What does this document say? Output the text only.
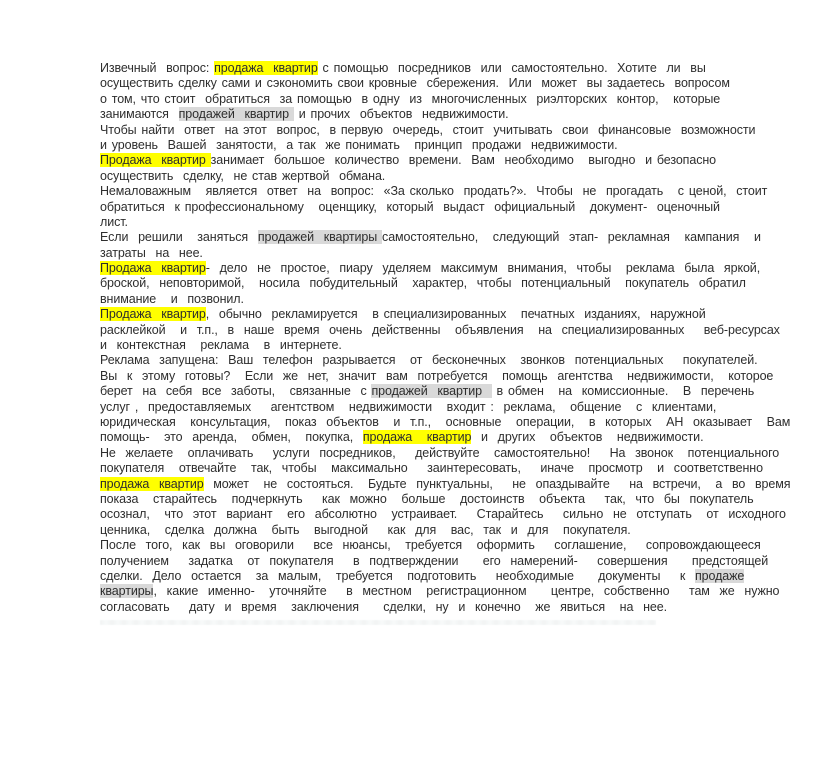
Извечный  вопрос: продажа  квартир с помощью  посредников  или  самостоятельно.  Хотите  ли  вы
осуществить сделку сами и сэкономить свои кровные  сбережения.  Или  может  вы задаетесь  вопросом
о том, что стоит  обратиться  за помощью  в одну  из  многочисленных  риэлторских  контор,   которые
занимаются  продажей  квартир  и прочих  объектов  недвижимости.
Чтобы найти  ответ  на этот  вопрос,  в первую  очередь,  стоит  учитывать  свои  финансовые  возможности
и уровень  Вашей  занятости,  а так  же понимать   принцип  продажи  недвижимости.
Продажа  квартир занимает  большое  количество  времени.  Вам  необходимо   выгодно  и безопасно
осуществить  сделку,  не став жертвой  обмана.
Немаловажным   является  ответ  на  вопрос:  «За сколько  продать?».  Чтобы  не  прогадать   с ценой,  стоит
обратиться  к профессиональному   оценщику,  который  выдаст  официальный   документ-  оценочный
лист.
Если  решили   заняться  продажей  квартиры самостоятельно,   следующий  этап-  рекламная   кампания   и
затраты  на  нее.
Продажа  квартир-  дело  не  простое,  пиару  уделяем  максимум  внимания,  чтобы   реклама  была  яркой,
броской,  неповторимой,   носила  побудительный   характер,  чтобы  потенциальный   покупатель  обратил
внимание   и  позвонил.
Продажа  квартир,  обычно  рекламируется   в специализированных   печатных  изданиях,  наружной
расклейкой   и  т.п.,  в  наше  время  очень  действенны   объявления   на  специализированных    веб-ресурсах
и  контекстная   реклама   в  интернете.
Реклама  запущена:  Ваш  телефон  разрывается   от  бесконечных   звонков  потенциальных    покупателей.
Вы  к  этому  готовы?   Если  же  нет,  значит  вам  потребуется   помощь  агентства   недвижимости,   которое
берет  на  себя  все  заботы,   связанные  с продажей  квартир   в обмен   на  комиссионные.   В  перечень
услуг ,  предоставляемых    агентством   недвижимости   входит :  реклама,   общение   с  клиентами,
юридическая   консультация,   показ  объектов   и  т.п.,   основные   операции,   в  которых   АН  оказывает   Вам
помощь-   это  аренда,   обмен,   покупка,  продажа   квартир  и  других   объектов   недвижимости.
Не  желаете   оплачивать    услуги  посредников,    действуйте   самостоятельно!    На  звонок   потенциального
покупателя   отвечайте   так,  чтобы   максимально    заинтересовать,    иначе   просмотр   и  соответственно
продажа  квартир  может   не  состояться.   Будьте  пунктуальны,    не  опаздывайте    на  встречи,   а  во  время
показа   старайтесь   подчеркнуть    как  можно   больше   достоинств   объекта    так,  что  бы  покупатель
осознал,   что  этот  вариант   его  абсолютно   устраивает.    Старайтесь    сильно  не  отступать   от  исходного
ценника,   сделка  должна   быть   выгодной    как  для   вас,  так  и  для   покупателя.
После  того,  как  вы  оговорили    все  нюансы,   требуется   оформить    соглашение,    сопровождающееся
получением    задатка   от  покупателя    в  подтверждении     его  намерений-    совершения     предстоящей
сделки.  Дело  остается   за  малым,   требуется   подготовить    необходимые     документы    к  продаже
квартиры,  какие  именно-   уточняйте    в  местном   регистрационном     центре,  собственно    там  же  нужно
согласовать    дату  и  время   заключения     сделки,  ну  и  конечно   же  явиться   на  нее.
